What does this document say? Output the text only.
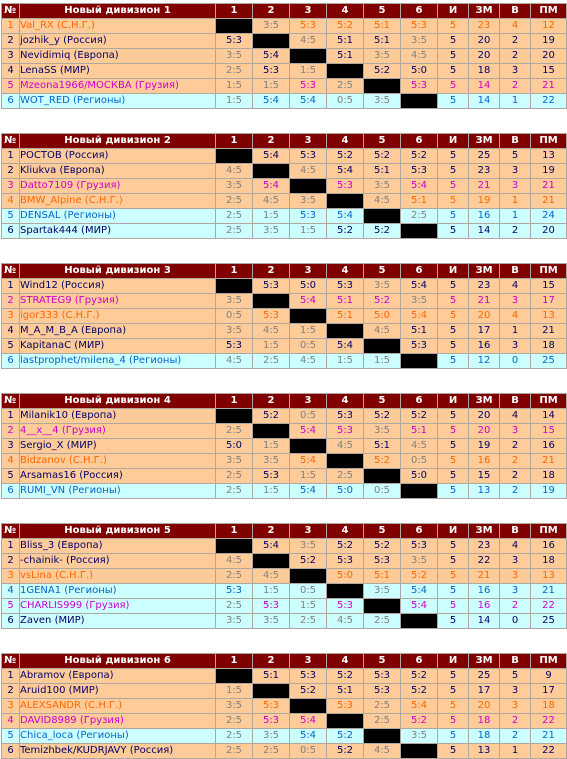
№	Новый дивизион 1	1	2	3	4	5	6	И	ЗМ	В	ПМ
1	Val_RX (С.Н.Г.)		3:5	5:3	5:2	5:1	5:3	5	23	4	12
2	jozhik_y (Россия)	5:3		4:5	5:1	5:1	3:5	5	20	2	19
3	Nevidimiq (Европа)	3:5	5:4		5:1	3:5	4:5	5	20	2	20
4	LenaSS (МИР)	2:5	5:3	1:5		5:2	5:0	5	18	3	15
5	Mzeona1966/МОСКВА (Грузия)	1:5	1:5	5:3	2:5		5:3	5	14	2	21
6	WOT_RED (Регионы)	1:5	5:4	5:4	0:5	3:5		5	14	1	22
№	Новый дивизион 2	1	2	3	4	5	6	И	ЗМ	В	ПМ
1	РОСТОВ (Россия)		5:4	5:3	5:2	5:2	5:2	5	25	5	13
2	Kliukva (Европа)	4:5		4:5	5:4	5:1	5:3	5	23	3	19
3	Datto7109 (Грузия)	3:5	5:4		5:3	3:5	5:4	5	21	3	21
4	BMW_Alpine (С.Н.Г.)	2:5	4:5	3:5		4:5	5:1	5	19	1	21
5	DENSAL (Регионы)	2:5	1:5	5:3	5:4		2:5	5	16	1	24
6	Spartak444 (МИР)	2:5	3:5	1:5	5:2	5:2		5	14	2	20
№	Новый дивизион 3	1	2	3	4	5	6	И	ЗМ	В	ПМ
1	Wind12 (Россия)		5:3	5:0	5:3	3:5	5:4	5	23	4	15
2	STRATEG9 (Грузия)	3:5		5:4	5:1	5:2	3:5	5	21	3	17
3	igor333 (С.Н.Г.)	0:5	5:3		5:1	5:0	5:4	5	20	4	13
4	M_A_M_B_A (Европа)	3:5	4:5	1:5		4:5	5:1	5	17	1	21
5	KapitanaC (МИР)	5:3	1:5	0:5	5:4		5:3	5	16	3	18
6	lastprophet/milena_4 (Регионы)	4:5	2:5	4:5	1:5	1:5		5	12	0	25
№	Новый дивизион 4	1	2	3	4	5	6	И	ЗМ	В	ПМ
1	Milanik10 (Европа)		5:2	0:5	5:3	5:2	5:2	5	20	4	14
2	4__x__4 (Грузия)	2:5		5:4	5:3	3:5	5:1	5	20	3	15
3	Sergio_X (МИР)	5:0	1:5		4:5	5:1	4:5	5	19	2	16
4	Bidzanov (С.Н.Г.)	3:5	3:5	5:4		5:2	0:5	5	16	2	21
5	Arsamas16 (Россия)	2:5	5:3	1:5	2:5		5:0	5	15	2	18
6	RUMI_VN (Регионы)	2:5	1:5	5:4	5:0	0:5		5	13	2	19
№	Новый дивизион 5	1	2	3	4	5	6	И	ЗМ	В	ПМ
1	Bliss_3 (Европа)		5:4	3:5	5:2	5:2	5:3	5	23	4	16
2	-chainik- (Россия)	4:5		5:2	5:3	5:3	3:5	5	22	3	18
3	vsLina (С.Н.Г.)	2:5	4:5		5:0	5:1	5:2	5	21	3	13
4	1GENA1 (Регионы)	5:3	1:5	0:5		3:5	5:4	5	16	3	21
5	CHARLIS999 (Грузия)	2:5	5:3	1:5	5:3		5:4	5	16	2	22
6	Zaven (МИР)	3:5	3:5	2:5	4:5	2:5		5	14	0	25
№	Новый дивизион 6	1	2	3	4	5	6	И	ЗМ	В	ПМ
1	Abramov (Европа)		5:1	5:3	5:2	5:3	5:2	5	25	5	9
2	Aruid100 (МИР)	1:5		5:2	5:1	5:3	5:2	5	17	3	17
3	ALEXSANDR (С.Н.Г.)	3:5	5:3		5:3	2:5	5:4	5	20	3	18
4	DAVID8989 (Грузия)	2:5	5:3	5:4		2:5	5:2	5	18	2	22
5	Chica_loca (Регионы)	2:5	3:5	5:4	5:2		3:5	5	18	2	21
6	Temizhbek/KUDRJAVY (Россия)	2:5	2:5	0:5	5:2	4:5		5	13	1	22
